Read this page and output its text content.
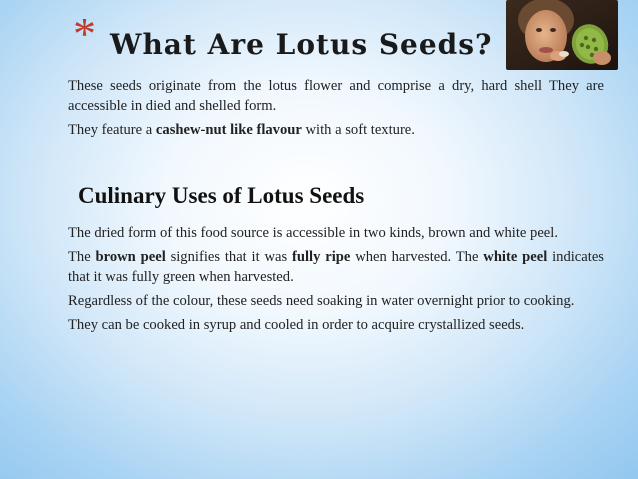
* What Are Lotus Seeds?

These seeds originate from the lotus flower and comprise a dry, hard shell They are accessible in died and shelled form.

They feature a cashew-nut like flavour with a soft texture.

Culinary Uses of Lotus Seeds

The dried form of this food source is accessible in two kinds, brown and white peel.

The brown peel signifies that it was fully ripe when harvested. The white peel indicates that it was fully green when harvested.

Regardless of the colour, these seeds need soaking in water overnight prior to cooking.

They can be cooked in syrup and cooled in order to acquire crystallized seeds.
